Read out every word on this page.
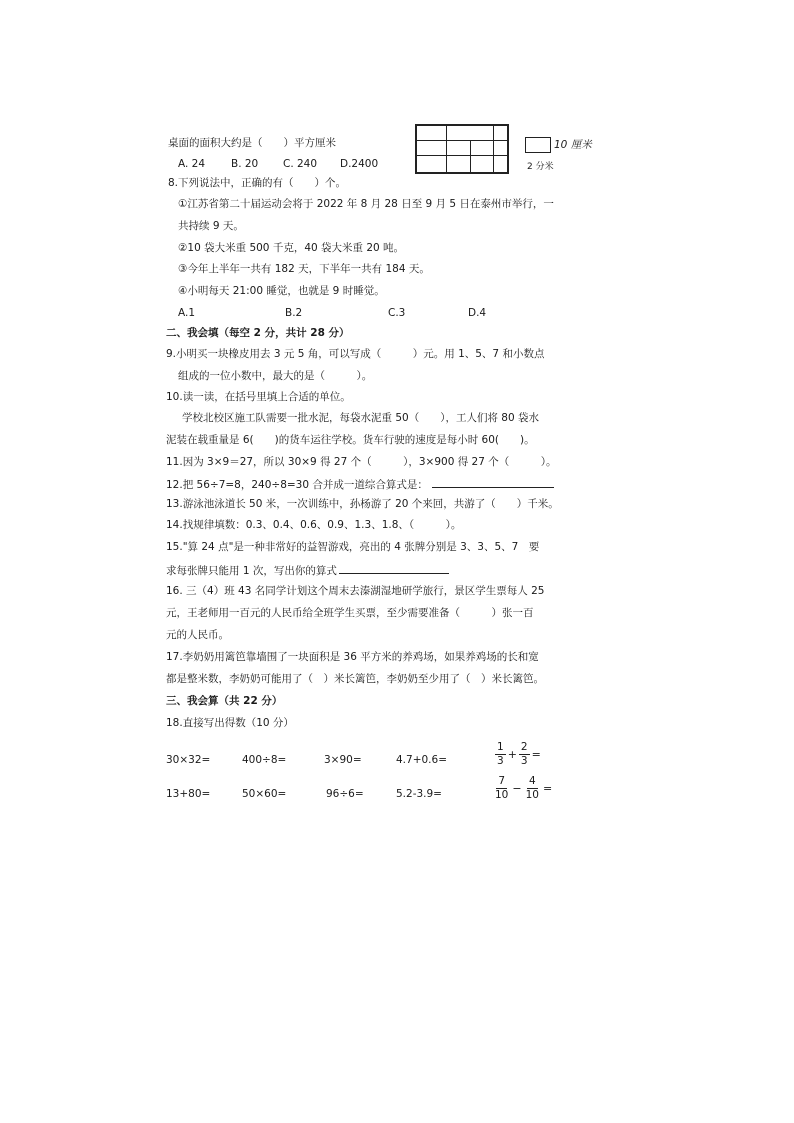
桌面的面积大约是（　　）平方厘米
A. 24 B. 20 C. 240 D.2400
10 厘米
2 分米
8.下列说法中，正确的有（　　）个。
①江苏省第二十届运动会将于 2022 年 8 月 28 日至 9 月 5 日在泰州市举行，一
共持续 9 天。
②10 袋大米重 500 千克，40 袋大米重 20 吨。
③今年上半年一共有 182 天，下半年一共有 184 天。
④小明每天 21:00 睡觉，也就是 9 时睡觉。
A.1	B.2	C.3	D.4
二、我会填（每空 2 分，共计 28 分）
9.小明买一块橡皮用去 3 元 5 角，可以写成（　　　）元。用 1、5、7 和小数点
组成的一位小数中，最大的是（　　　）。
10.读一读，在括号里填上合适的单位。
学校北校区施工队需要一批水泥，每袋水泥重 50（　　），工人们将 80 袋水
泥装在载重量是 6(　　)的货车运往学校。货车行驶的速度是每小时 60(　　)。
11.因为 3×9＝27，所以 30×9 得 27 个（　　　），3×900 得 27 个（　　　）。
12.把 56÷7=8，240÷8=30 合并成一道综合算式是：
13.游泳池泳道长 50 米，一次训练中，孙杨游了 20 个来回，共游了（　　）千米。
14.找规律填数：0.3、0.4、0.6、0.9、1.3、1.8、（　　　）。
15."算 24 点"是一种非常好的益智游戏，亮出的 4 张牌分别是 3、3、5、7　要
求每张牌只能用 1 次，写出你的算式
16. 三（4）班 43 名同学计划这个周末去溱湖湿地研学旅行，景区学生票每人 25
元，王老师用一百元的人民币给全班学生买票，至少需要准备（　　　）张一百
元的人民币。
17.李奶奶用篱笆靠墙围了一块面积是 36 平方米的养鸡场，如果养鸡场的长和宽
都是整米数，李奶奶可能用了（　）米长篱笆，李奶奶至少用了（　）米长篱笆。
三、我会算（共 22 分）
18.直接写出得数（10 分）
30×32=	400÷8=	3×90=	4.7+0.6=	$\frac{1}{3} + \frac{2}{3}$ =
13+80=	50×60=	96÷6=	5.2-3.9=	$\frac{7}{10} - \frac{4}{10}$ =
